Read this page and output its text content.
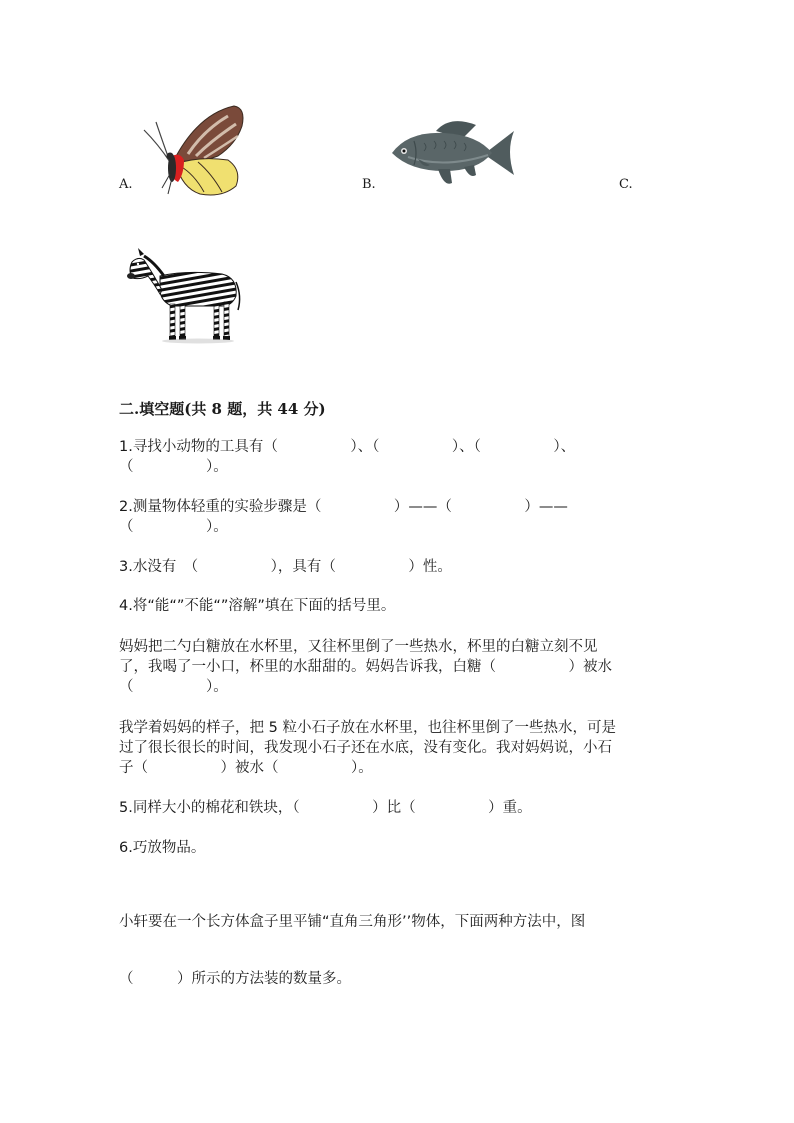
A.	B.	C.
二.填空题(共 8 题，共 44 分)
1.寻找小动物的工具有（　　　　　）、（　　　　　）、（　　　　　）、
（　　　　　）。
2.测量物体轻重的实验步骤是（　　　　　）——（　　　　　）——
（　　　　　）。
3.水没有　（　　　　　），具有（　　　　　）性。
4.将“能“”不能“”溶解”填在下面的括号里。
妈妈把二勺白糖放在水杯里，又往杯里倒了一些热水，杯里的白糖立刻不见
了，我喝了一小口，杯里的水甜甜的。妈妈告诉我，白糖（　　　　　）被水
（　　　　　）。
我学着妈妈的样子，把 5 粒小石子放在水杯里，也往杯里倒了一些热水，可是
过了很长很长的时间，我发现小石子还在水底，没有变化。我对妈妈说，小石
子（　　　　　）被水（　　　　　）。
5.同样大小的棉花和铁块，（　　　　　）比（　　　　　）重。
6.巧放物品。
小轩要在一个长方体盒子里平铺“直角三角形’’物体，下面两种方法中，图
（　　　）所示的方法装的数量多。
